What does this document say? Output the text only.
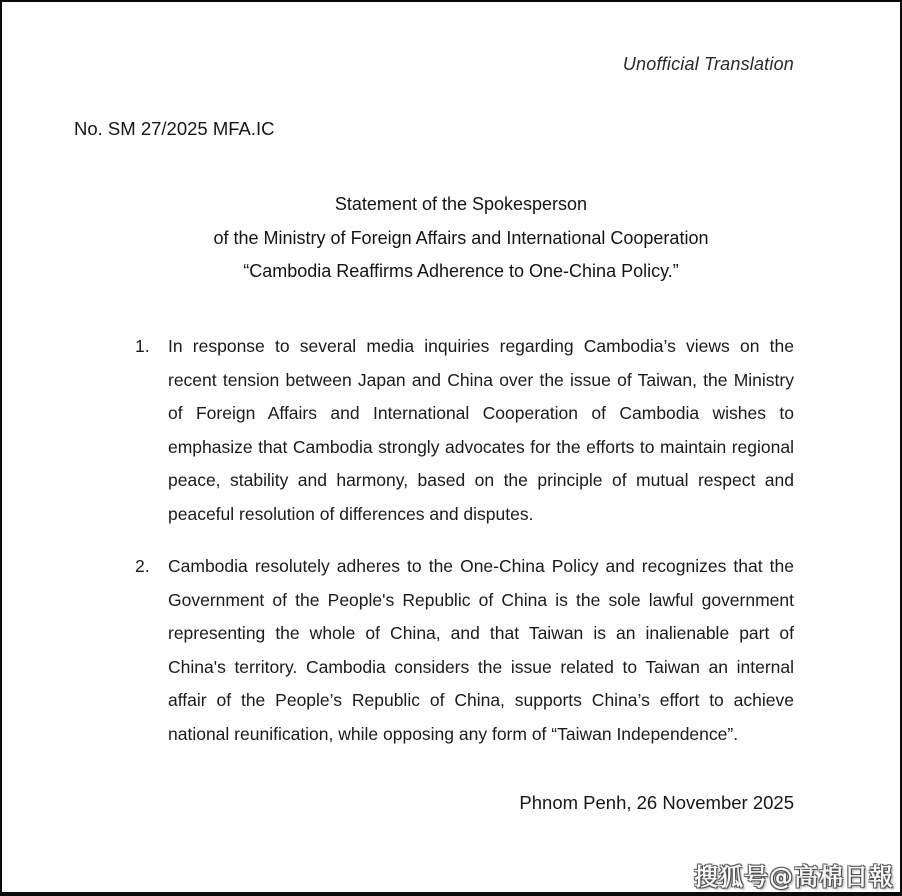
Unofficial Translation
No. SM 27/2025 MFA.IC
Statement of the Spokesperson
of the Ministry of Foreign Affairs and International Cooperation
“Cambodia Reaffirms Adherence to One-China Policy.”
1.	In response to several media inquiries regarding Cambodia’s views on the recent tension between Japan and China over the issue of Taiwan, the Ministry of Foreign Affairs and International Cooperation of Cambodia wishes to emphasize that Cambodia strongly advocates for the efforts to maintain regional peace, stability and harmony, based on the principle of mutual respect and peaceful resolution of differences and disputes.
2.	Cambodia resolutely adheres to the One-China Policy and recognizes that the Government of the People's Republic of China is the sole lawful government representing the whole of China, and that Taiwan is an inalienable part of China's territory. Cambodia considers the issue related to Taiwan an internal affair of the People’s Republic of China, supports China’s effort to achieve national reunification, while opposing any form of “Taiwan Independence”.
Phnom Penh, 26 November 2025
搜狐号@高棉日報
